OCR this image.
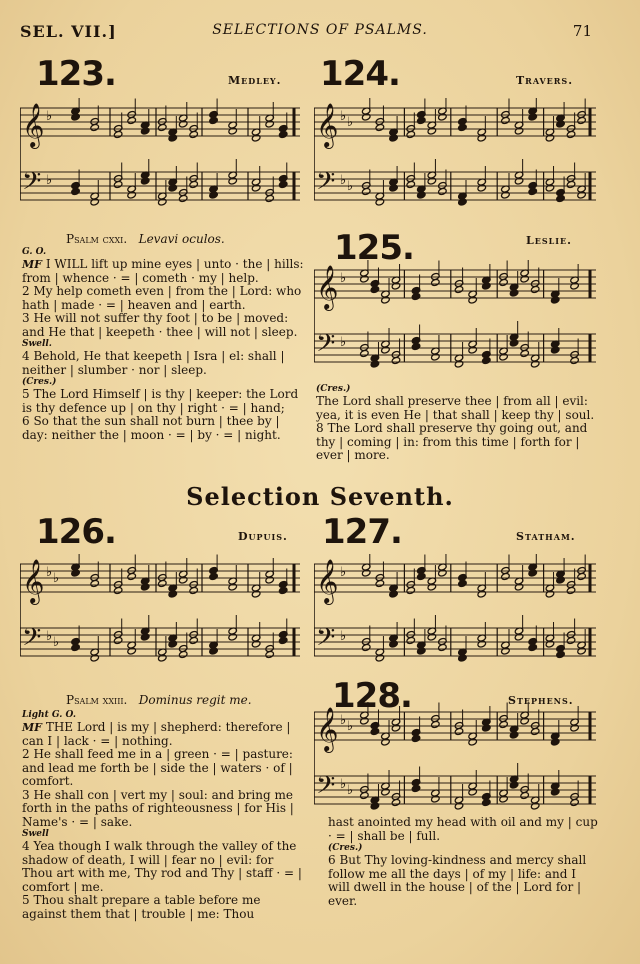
SEL. VII.]	SELECTIONS OF PSALMS.	71
123.	Medley.
𝄞 ♭
𝄢 ♭
Psalm cxxi. Levavi oculos.
G. O.

MF I WILL lift up mine eyes | unto · the | hills: from | whence · = | cometh · my | help.

2 My help cometh even | from the | Lord: who hath | made · = | heaven and | earth.

3 He will not suffer thy foot | to be | moved: and He that | keepeth · thee | will not | sleep.

Swell.

4 Behold, He that keepeth | Isra | el: shall | neither | slumber · nor | sleep.

(Cres.)

5 The Lord Himself | is thy | keeper: the Lord is thy defence up | on thy | right · = | hand;

6 So that the sun shall not burn | thee by | day: neither the | moon · = | by · = | night.

124.	Travers.
𝄞 ♭ ♭
𝄢 ♭ ♭
125.	Leslie.
𝄞 ♭
𝄢 ♭
(Cres.)

The Lord shall preserve thee | from all | evil: yea, it is even He | that shall | keep thy | soul.

8 The Lord shall preserve thy going out, and thy | coming | in: from this time | forth for | ever | more.

Selection Seventh.
126.	Dupuis.
𝄞 ♭ ♭
𝄢 ♭ ♭
Psalm xxiii. Dominus regit me.
Light G. O.

MF THE Lord | is my | shepherd: therefore | can I | lack · = | nothing.

2 He shall feed me in a | green · = | pasture: and lead me forth be | side the | waters · of | comfort.

3 He shall con | vert my | soul: and bring me forth in the paths of righteousness | for His | Name's · = | sake.

Swell

4 Yea though I walk through the valley of the shadow of death, I will | fear no | evil: for Thou art with me, Thy rod and Thy | staff · = | comfort | me.

5 Thou shalt prepare a table before me against them that | trouble | me: Thou

127.	Statham.
𝄞 ♭
𝄢 ♭
128.	Stephens.
𝄞 ♭ ♭
𝄢 ♭ ♭

hast anointed my head with oil and my | cup · = | shall be | full.

(Cres.)

6 But Thy loving-kindness and mercy shall follow me all the days | of my | life: and I will dwell in the house | of the | Lord for | ever.
